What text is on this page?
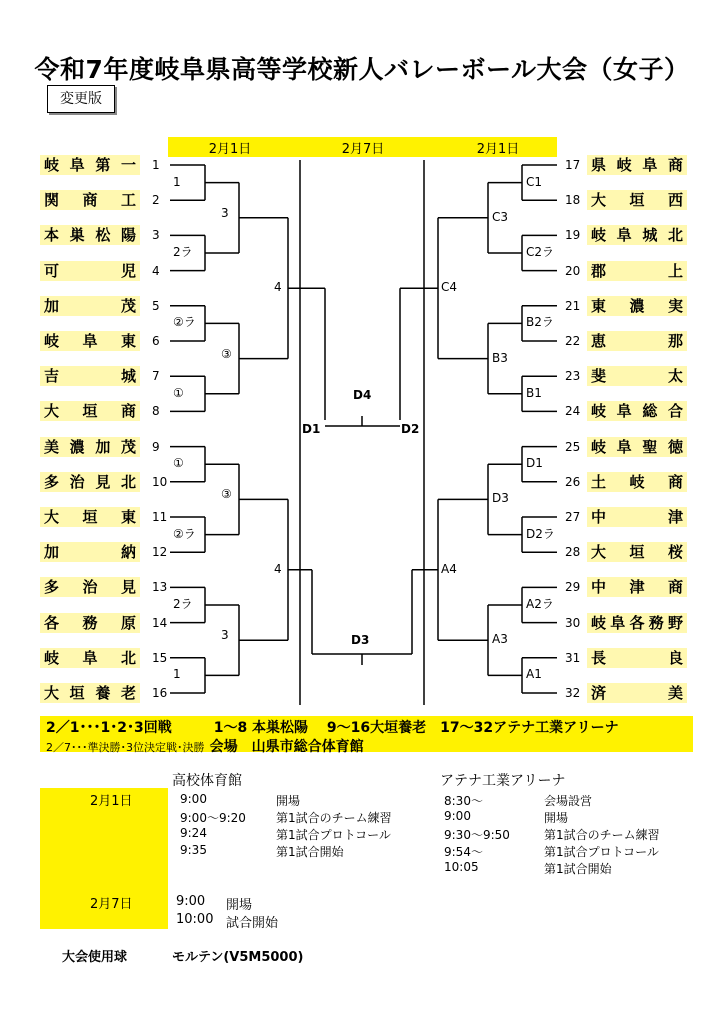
令和7年度岐阜県高等学校新人バレーボール大会（女子）
変更版
2月1日	2月7日	2月1日
岐阜第一	1
関商工	2
本巣松陽	3
可児	4
加茂	5
岐阜東	6
吉城	7
大垣商	8
美濃加茂	9
多治見北	10
大垣東	11
加納	12
多治見	13
各務原	14
岐阜北	15
大垣養老	16
17 県岐阜商
18 大垣西
19 岐阜城北
20 郡上
21 東濃実
22 恵那
23 斐太
24 岐阜総合
25 岐阜聖徳
26 土岐商
27 中津
28 大垣桜
29 中津商
30 岐阜各務野
31 長良
32 済美
2／1･･･1･2･3回戦　　　1～8 本巣松陽　 9～16大垣養老　17～32アテナ工業アリーナ
2／7･･･準決勝･3位決定戦･決勝 会場　山県市総合体育館
高校体育館	アテナ工業アリーナ
2月1日
2月7日
9:00	開場
9:00～9:20	第1試合のチーム練習
9:24	第1試合プロトコール
9:35	第1試合開始
8:30～	会場設営
9:00	開場
9:30～9:50	第1試合のチーム練習
9:54～	第1試合プロトコール
10:05	第1試合開始
9:00 開場
10:00 試合開始
大会使用球	モルテン(V5M5000)
1
2ラ
②ラ
①
①
②ラ
2ラ
1
3
③
③
3
4
4
C1
C2ラ
B2ラ
B1
D1
D2ラ
A2ラ
A1
C3
B3
D3
A3
C4
A4
D1	D2
D4
D3
